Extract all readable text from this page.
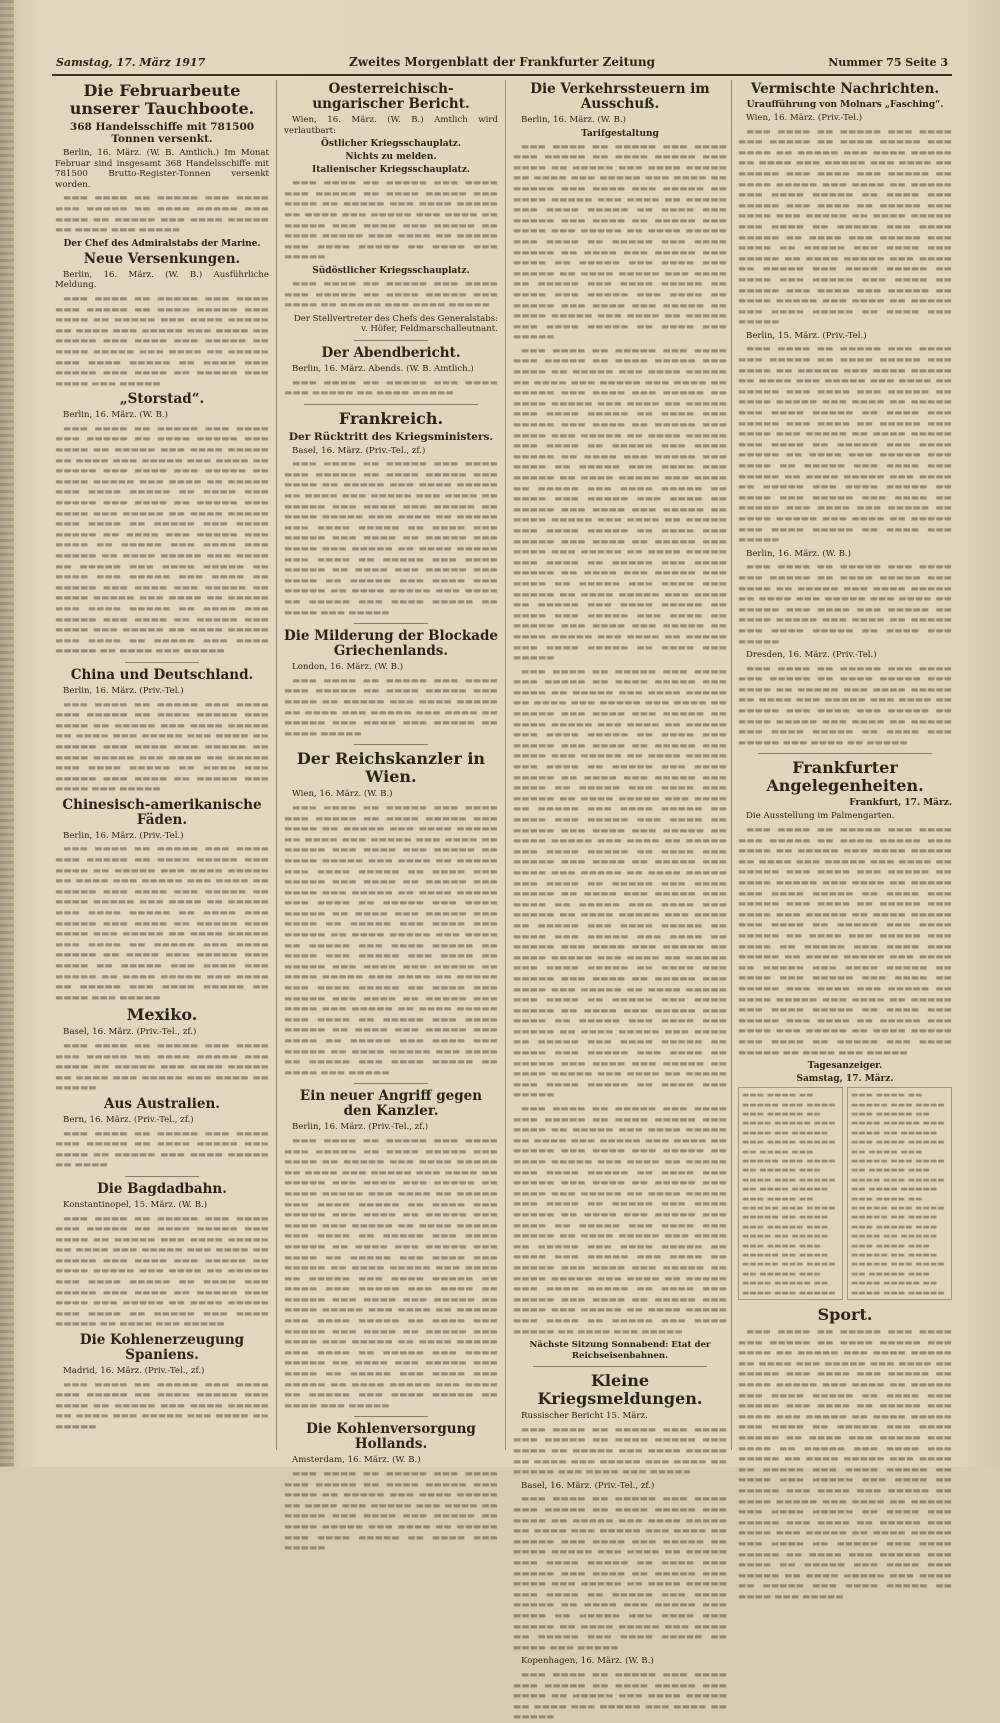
Samstag, 17. März 1917	Zweites Morgenblatt der Frankfurter Zeitung	Nummer 75 Seite 3
Die Februarbeute unserer Tauchboote.
368 Handelsschiffe mit 781500 Tonnen versenkt.

Berlin, 16. März. (W. B. Amtlich.) Im Monat Februar sind insgesamt 368 Handelsschiffe mit 781500 Brutto-Register-Tonnen versenkt worden.

▬▬▬ ▬▬▬▬ ▬▬ ▬▬▬▬▬ ▬▬▬ ▬▬▬▬ ▬▬▬ ▬▬▬▬▬ ▬▬ ▬▬▬▬ ▬▬▬▬▬ ▬▬▬ ▬▬▬▬ ▬▬ ▬▬▬▬▬ ▬▬▬ ▬▬▬▬ ▬▬▬▬▬ ▬▬ ▬▬▬▬ ▬▬▬ ▬▬▬▬▬

Der Chef des Admiralstabs der Marine.
Neue Versenkungen.

Berlin, 16. März. (W. B.) Ausführliche Meldung.

▬▬▬ ▬▬▬▬ ▬▬ ▬▬▬▬▬ ▬▬▬ ▬▬▬▬ ▬▬▬ ▬▬▬▬▬ ▬▬ ▬▬▬▬ ▬▬▬▬▬ ▬▬▬ ▬▬▬▬ ▬▬ ▬▬▬▬▬ ▬▬▬ ▬▬▬▬ ▬▬▬▬▬ ▬▬ ▬▬▬▬ ▬▬▬ ▬▬▬▬▬ ▬▬▬ ▬▬▬▬ ▬▬ ▬▬▬▬▬ ▬▬▬ ▬▬▬▬ ▬▬▬ ▬▬▬▬▬ ▬▬ ▬▬▬▬ ▬▬▬▬▬ ▬▬▬ ▬▬▬▬ ▬▬ ▬▬▬▬▬ ▬▬▬ ▬▬▬▬ ▬▬▬▬▬ ▬▬ ▬▬▬▬ ▬▬▬ ▬▬▬▬▬ ▬▬▬ ▬▬▬▬ ▬▬ ▬▬▬▬▬ ▬▬▬ ▬▬▬▬ ▬▬▬ ▬▬▬▬▬

„Storstad“.

Berlin, 16. März. (W. B.)

▬▬▬ ▬▬▬▬ ▬▬ ▬▬▬▬▬ ▬▬▬ ▬▬▬▬ ▬▬▬ ▬▬▬▬▬ ▬▬ ▬▬▬▬ ▬▬▬▬▬ ▬▬▬ ▬▬▬▬ ▬▬ ▬▬▬▬▬ ▬▬▬ ▬▬▬▬ ▬▬▬▬▬ ▬▬ ▬▬▬▬ ▬▬▬ ▬▬▬▬▬ ▬▬▬ ▬▬▬▬ ▬▬ ▬▬▬▬▬ ▬▬▬ ▬▬▬▬ ▬▬▬ ▬▬▬▬▬ ▬▬ ▬▬▬▬ ▬▬▬▬▬ ▬▬▬ ▬▬▬▬ ▬▬ ▬▬▬▬▬ ▬▬▬ ▬▬▬▬ ▬▬▬▬▬ ▬▬ ▬▬▬▬ ▬▬▬ ▬▬▬▬▬ ▬▬▬ ▬▬▬▬ ▬▬ ▬▬▬▬▬ ▬▬▬ ▬▬▬▬ ▬▬▬ ▬▬▬▬▬ ▬▬ ▬▬▬▬ ▬▬▬▬▬ ▬▬▬ ▬▬▬▬ ▬▬ ▬▬▬▬▬ ▬▬▬ ▬▬▬▬ ▬▬▬▬▬ ▬▬ ▬▬▬▬ ▬▬▬ ▬▬▬▬▬ ▬▬▬ ▬▬▬▬ ▬▬ ▬▬▬▬▬ ▬▬▬ ▬▬▬▬ ▬▬▬ ▬▬▬▬▬ ▬▬ ▬▬▬▬ ▬▬▬▬▬ ▬▬▬ ▬▬▬▬ ▬▬ ▬▬▬▬▬ ▬▬▬ ▬▬▬▬ ▬▬▬▬▬ ▬▬ ▬▬▬▬ ▬▬▬ ▬▬▬▬▬ ▬▬▬ ▬▬▬▬ ▬▬ ▬▬▬▬▬ ▬▬▬ ▬▬▬▬ ▬▬▬ ▬▬▬▬▬ ▬▬ ▬▬▬▬ ▬▬▬▬▬ ▬▬▬ ▬▬▬▬ ▬▬ ▬▬▬▬▬ ▬▬▬ ▬▬▬▬ ▬▬▬▬▬ ▬▬ ▬▬▬▬ ▬▬▬ ▬▬▬▬▬ ▬▬▬ ▬▬▬▬ ▬▬ ▬▬▬▬▬ ▬▬▬ ▬▬▬▬ ▬▬▬ ▬▬▬▬▬ ▬▬ ▬▬▬▬ ▬▬▬▬▬ ▬▬▬ ▬▬▬▬ ▬▬ ▬▬▬▬▬ ▬▬▬ ▬▬▬▬ ▬▬▬▬▬ ▬▬ ▬▬▬▬ ▬▬▬ ▬▬▬▬▬

China und Deutschland.

Berlin, 16. März. (Priv.-Tel.)

▬▬▬ ▬▬▬▬ ▬▬ ▬▬▬▬▬ ▬▬▬ ▬▬▬▬ ▬▬▬ ▬▬▬▬▬ ▬▬ ▬▬▬▬ ▬▬▬▬▬ ▬▬▬ ▬▬▬▬ ▬▬ ▬▬▬▬▬ ▬▬▬ ▬▬▬▬ ▬▬▬▬▬ ▬▬ ▬▬▬▬ ▬▬▬ ▬▬▬▬▬ ▬▬▬ ▬▬▬▬ ▬▬ ▬▬▬▬▬ ▬▬▬ ▬▬▬▬ ▬▬▬ ▬▬▬▬▬ ▬▬ ▬▬▬▬ ▬▬▬▬▬ ▬▬▬ ▬▬▬▬ ▬▬ ▬▬▬▬▬ ▬▬▬ ▬▬▬▬ ▬▬▬▬▬ ▬▬ ▬▬▬▬ ▬▬▬ ▬▬▬▬▬ ▬▬▬ ▬▬▬▬ ▬▬ ▬▬▬▬▬ ▬▬▬ ▬▬▬▬ ▬▬▬ ▬▬▬▬▬

Chinesisch-amerikanische Fäden.

Berlin, 16. März. (Priv.-Tel.)

▬▬▬ ▬▬▬▬ ▬▬ ▬▬▬▬▬ ▬▬▬ ▬▬▬▬ ▬▬▬ ▬▬▬▬▬ ▬▬ ▬▬▬▬ ▬▬▬▬▬ ▬▬▬ ▬▬▬▬ ▬▬ ▬▬▬▬▬ ▬▬▬ ▬▬▬▬ ▬▬▬▬▬ ▬▬ ▬▬▬▬ ▬▬▬ ▬▬▬▬▬ ▬▬▬ ▬▬▬▬ ▬▬ ▬▬▬▬▬ ▬▬▬ ▬▬▬▬ ▬▬▬ ▬▬▬▬▬ ▬▬ ▬▬▬▬ ▬▬▬▬▬ ▬▬▬ ▬▬▬▬ ▬▬ ▬▬▬▬▬ ▬▬▬ ▬▬▬▬ ▬▬▬▬▬ ▬▬ ▬▬▬▬ ▬▬▬ ▬▬▬▬▬ ▬▬▬ ▬▬▬▬ ▬▬ ▬▬▬▬▬ ▬▬▬ ▬▬▬▬ ▬▬▬ ▬▬▬▬▬ ▬▬ ▬▬▬▬ ▬▬▬▬▬ ▬▬▬ ▬▬▬▬ ▬▬ ▬▬▬▬▬ ▬▬▬ ▬▬▬▬ ▬▬▬▬▬ ▬▬ ▬▬▬▬ ▬▬▬ ▬▬▬▬▬ ▬▬▬ ▬▬▬▬ ▬▬ ▬▬▬▬▬ ▬▬▬ ▬▬▬▬ ▬▬▬ ▬▬▬▬▬ ▬▬ ▬▬▬▬ ▬▬▬▬▬ ▬▬▬ ▬▬▬▬ ▬▬ ▬▬▬▬▬ ▬▬▬ ▬▬▬▬ ▬▬▬▬▬ ▬▬ ▬▬▬▬ ▬▬▬ ▬▬▬▬▬

Mexiko.

Basel, 16. März. (Priv.-Tel., zf.)

▬▬▬ ▬▬▬▬ ▬▬ ▬▬▬▬▬ ▬▬▬ ▬▬▬▬ ▬▬▬ ▬▬▬▬▬ ▬▬ ▬▬▬▬ ▬▬▬▬▬ ▬▬▬ ▬▬▬▬ ▬▬ ▬▬▬▬▬ ▬▬▬ ▬▬▬▬ ▬▬▬▬▬ ▬▬ ▬▬▬▬ ▬▬▬ ▬▬▬▬▬ ▬▬▬ ▬▬▬▬ ▬▬ ▬▬▬▬▬

Aus Australien.

Bern, 16. März. (Priv.-Tel., zf.)

▬▬▬ ▬▬▬▬ ▬▬ ▬▬▬▬▬ ▬▬▬ ▬▬▬▬ ▬▬▬ ▬▬▬▬▬ ▬▬ ▬▬▬▬ ▬▬▬▬▬ ▬▬▬ ▬▬▬▬ ▬▬ ▬▬▬▬▬ ▬▬▬ ▬▬▬▬ ▬▬▬▬▬ ▬▬ ▬▬▬▬

Die Bagdadbahn.

Konstantinopel, 15. März. (W. B.)

▬▬▬ ▬▬▬▬ ▬▬ ▬▬▬▬▬ ▬▬▬ ▬▬▬▬ ▬▬▬ ▬▬▬▬▬ ▬▬ ▬▬▬▬ ▬▬▬▬▬ ▬▬▬ ▬▬▬▬ ▬▬ ▬▬▬▬▬ ▬▬▬ ▬▬▬▬ ▬▬▬▬▬ ▬▬ ▬▬▬▬ ▬▬▬ ▬▬▬▬▬ ▬▬▬ ▬▬▬▬ ▬▬ ▬▬▬▬▬ ▬▬▬ ▬▬▬▬ ▬▬▬ ▬▬▬▬▬ ▬▬ ▬▬▬▬ ▬▬▬▬▬ ▬▬▬ ▬▬▬▬ ▬▬ ▬▬▬▬▬ ▬▬▬ ▬▬▬▬ ▬▬▬▬▬ ▬▬ ▬▬▬▬ ▬▬▬ ▬▬▬▬▬ ▬▬▬ ▬▬▬▬ ▬▬ ▬▬▬▬▬ ▬▬▬ ▬▬▬▬ ▬▬▬ ▬▬▬▬▬ ▬▬ ▬▬▬▬ ▬▬▬▬▬ ▬▬▬ ▬▬▬▬ ▬▬ ▬▬▬▬▬ ▬▬▬ ▬▬▬▬ ▬▬▬▬▬ ▬▬ ▬▬▬▬ ▬▬▬ ▬▬▬▬▬

Die Kohlenerzeugung Spaniens.

Madrid, 16. März. (Priv.-Tel., zf.)

▬▬▬ ▬▬▬▬ ▬▬ ▬▬▬▬▬ ▬▬▬ ▬▬▬▬ ▬▬▬ ▬▬▬▬▬ ▬▬ ▬▬▬▬ ▬▬▬▬▬ ▬▬▬ ▬▬▬▬ ▬▬ ▬▬▬▬▬ ▬▬▬ ▬▬▬▬ ▬▬▬▬▬ ▬▬ ▬▬▬▬ ▬▬▬ ▬▬▬▬▬ ▬▬▬ ▬▬▬▬ ▬▬ ▬▬▬▬▬

Oesterreichisch-ungarischer Bericht.

Wien, 16. März. (W. B.) Amtlich wird verlautbart:

Östlicher Kriegsschauplatz.
Nichts zu melden.
Italienischer Kriegsschauplatz.

▬▬▬ ▬▬▬▬ ▬▬ ▬▬▬▬▬ ▬▬▬ ▬▬▬▬ ▬▬▬ ▬▬▬▬▬ ▬▬ ▬▬▬▬ ▬▬▬▬▬ ▬▬▬ ▬▬▬▬ ▬▬ ▬▬▬▬▬ ▬▬▬ ▬▬▬▬ ▬▬▬▬▬ ▬▬ ▬▬▬▬ ▬▬▬ ▬▬▬▬▬ ▬▬▬ ▬▬▬▬ ▬▬ ▬▬▬▬▬ ▬▬▬ ▬▬▬▬ ▬▬▬ ▬▬▬▬▬ ▬▬ ▬▬▬▬ ▬▬▬▬▬ ▬▬▬ ▬▬▬▬ ▬▬ ▬▬▬▬▬ ▬▬▬ ▬▬▬▬ ▬▬▬▬▬ ▬▬ ▬▬▬▬ ▬▬▬ ▬▬▬▬▬

Südöstlicher Kriegsschauplatz.

▬▬▬ ▬▬▬▬ ▬▬ ▬▬▬▬▬ ▬▬▬ ▬▬▬▬ ▬▬▬ ▬▬▬▬▬ ▬▬ ▬▬▬▬ ▬▬▬▬▬ ▬▬▬ ▬▬▬▬ ▬▬ ▬▬▬▬▬ ▬▬▬ ▬▬▬▬ ▬▬▬▬▬

Der Stellvertreter des Chefs des Generalstabs: v. Höfer, Feldmarschalleutnant.

Der Abendbericht.

Berlin, 16. März. Abends. (W. B. Amtlich.)

▬▬▬ ▬▬▬▬ ▬▬ ▬▬▬▬▬ ▬▬▬ ▬▬▬▬ ▬▬▬ ▬▬▬▬▬ ▬▬ ▬▬▬▬ ▬▬▬▬▬

Frankreich.
Der Rücktritt des Kriegsministers.

Basel, 16. März. (Priv.-Tel., zf.)

▬▬▬ ▬▬▬▬ ▬▬ ▬▬▬▬▬ ▬▬▬ ▬▬▬▬ ▬▬▬ ▬▬▬▬▬ ▬▬ ▬▬▬▬ ▬▬▬▬▬ ▬▬▬ ▬▬▬▬ ▬▬ ▬▬▬▬▬ ▬▬▬ ▬▬▬▬ ▬▬▬▬▬ ▬▬ ▬▬▬▬ ▬▬▬ ▬▬▬▬▬ ▬▬▬ ▬▬▬▬ ▬▬ ▬▬▬▬▬ ▬▬▬ ▬▬▬▬ ▬▬▬ ▬▬▬▬▬ ▬▬ ▬▬▬▬ ▬▬▬▬▬ ▬▬▬ ▬▬▬▬ ▬▬ ▬▬▬▬▬ ▬▬▬ ▬▬▬▬ ▬▬▬▬▬ ▬▬ ▬▬▬▬ ▬▬▬ ▬▬▬▬▬ ▬▬▬ ▬▬▬▬ ▬▬ ▬▬▬▬▬ ▬▬▬ ▬▬▬▬ ▬▬▬ ▬▬▬▬▬ ▬▬ ▬▬▬▬ ▬▬▬▬▬ ▬▬▬ ▬▬▬▬ ▬▬ ▬▬▬▬▬ ▬▬▬ ▬▬▬▬ ▬▬▬▬▬ ▬▬ ▬▬▬▬ ▬▬▬ ▬▬▬▬▬ ▬▬▬ ▬▬▬▬ ▬▬ ▬▬▬▬▬ ▬▬▬ ▬▬▬▬ ▬▬▬ ▬▬▬▬▬ ▬▬ ▬▬▬▬ ▬▬▬▬▬ ▬▬▬ ▬▬▬▬ ▬▬ ▬▬▬▬▬ ▬▬▬ ▬▬▬▬ ▬▬▬▬▬ ▬▬ ▬▬▬▬ ▬▬▬ ▬▬▬▬▬

Die Milderung der Blockade Griechenlands.

London, 16. März. (W. B.)

▬▬▬ ▬▬▬▬ ▬▬ ▬▬▬▬▬ ▬▬▬ ▬▬▬▬ ▬▬▬ ▬▬▬▬▬ ▬▬ ▬▬▬▬ ▬▬▬▬▬ ▬▬▬ ▬▬▬▬ ▬▬ ▬▬▬▬▬ ▬▬▬ ▬▬▬▬ ▬▬▬▬▬ ▬▬ ▬▬▬▬ ▬▬▬ ▬▬▬▬▬ ▬▬▬ ▬▬▬▬ ▬▬ ▬▬▬▬▬ ▬▬▬ ▬▬▬▬ ▬▬▬ ▬▬▬▬▬ ▬▬ ▬▬▬▬ ▬▬▬▬▬

Der Reichskanzler in Wien.

Wien, 16. März. (W. B.)

▬▬▬ ▬▬▬▬ ▬▬ ▬▬▬▬▬ ▬▬▬ ▬▬▬▬ ▬▬▬ ▬▬▬▬▬ ▬▬ ▬▬▬▬ ▬▬▬▬▬ ▬▬▬ ▬▬▬▬ ▬▬ ▬▬▬▬▬ ▬▬▬ ▬▬▬▬ ▬▬▬▬▬ ▬▬ ▬▬▬▬ ▬▬▬ ▬▬▬▬▬ ▬▬▬ ▬▬▬▬ ▬▬ ▬▬▬▬▬ ▬▬▬ ▬▬▬▬ ▬▬▬ ▬▬▬▬▬ ▬▬ ▬▬▬▬ ▬▬▬▬▬ ▬▬▬ ▬▬▬▬ ▬▬ ▬▬▬▬▬ ▬▬▬ ▬▬▬▬ ▬▬▬▬▬ ▬▬ ▬▬▬▬ ▬▬▬ ▬▬▬▬▬ ▬▬▬ ▬▬▬▬ ▬▬ ▬▬▬▬▬ ▬▬▬ ▬▬▬▬ ▬▬▬ ▬▬▬▬▬ ▬▬ ▬▬▬▬ ▬▬▬▬▬ ▬▬▬ ▬▬▬▬ ▬▬ ▬▬▬▬▬ ▬▬▬ ▬▬▬▬ ▬▬▬▬▬ ▬▬ ▬▬▬▬ ▬▬▬ ▬▬▬▬▬ ▬▬▬ ▬▬▬▬ ▬▬ ▬▬▬▬▬ ▬▬▬ ▬▬▬▬ ▬▬▬ ▬▬▬▬▬ ▬▬ ▬▬▬▬ ▬▬▬▬▬ ▬▬▬ ▬▬▬▬ ▬▬ ▬▬▬▬▬ ▬▬▬ ▬▬▬▬ ▬▬▬▬▬ ▬▬ ▬▬▬▬ ▬▬▬ ▬▬▬▬▬ ▬▬▬ ▬▬▬▬ ▬▬ ▬▬▬▬▬ ▬▬▬ ▬▬▬▬ ▬▬▬ ▬▬▬▬▬ ▬▬ ▬▬▬▬ ▬▬▬▬▬ ▬▬▬ ▬▬▬▬ ▬▬ ▬▬▬▬▬ ▬▬▬ ▬▬▬▬ ▬▬▬▬▬ ▬▬ ▬▬▬▬ ▬▬▬ ▬▬▬▬▬ ▬▬▬ ▬▬▬▬ ▬▬ ▬▬▬▬▬ ▬▬▬ ▬▬▬▬ ▬▬▬ ▬▬▬▬▬ ▬▬ ▬▬▬▬ ▬▬▬▬▬ ▬▬▬ ▬▬▬▬ ▬▬ ▬▬▬▬▬ ▬▬▬ ▬▬▬▬ ▬▬▬▬▬ ▬▬ ▬▬▬▬ ▬▬▬ ▬▬▬▬▬ ▬▬▬ ▬▬▬▬ ▬▬ ▬▬▬▬▬ ▬▬▬ ▬▬▬▬ ▬▬▬ ▬▬▬▬▬ ▬▬ ▬▬▬▬ ▬▬▬▬▬ ▬▬▬ ▬▬▬▬ ▬▬ ▬▬▬▬▬ ▬▬▬ ▬▬▬▬ ▬▬▬▬▬ ▬▬ ▬▬▬▬ ▬▬▬ ▬▬▬▬▬

Ein neuer Angriff gegen den Kanzler.

Berlin, 16. März. (Priv.-Tel., zf.)

▬▬▬ ▬▬▬▬ ▬▬ ▬▬▬▬▬ ▬▬▬ ▬▬▬▬ ▬▬▬ ▬▬▬▬▬ ▬▬ ▬▬▬▬ ▬▬▬▬▬ ▬▬▬ ▬▬▬▬ ▬▬ ▬▬▬▬▬ ▬▬▬ ▬▬▬▬ ▬▬▬▬▬ ▬▬ ▬▬▬▬ ▬▬▬ ▬▬▬▬▬ ▬▬▬ ▬▬▬▬ ▬▬ ▬▬▬▬▬ ▬▬▬ ▬▬▬▬ ▬▬▬ ▬▬▬▬▬ ▬▬ ▬▬▬▬ ▬▬▬▬▬ ▬▬▬ ▬▬▬▬ ▬▬ ▬▬▬▬▬ ▬▬▬ ▬▬▬▬ ▬▬▬▬▬ ▬▬ ▬▬▬▬ ▬▬▬ ▬▬▬▬▬ ▬▬▬ ▬▬▬▬ ▬▬ ▬▬▬▬▬ ▬▬▬ ▬▬▬▬ ▬▬▬ ▬▬▬▬▬ ▬▬ ▬▬▬▬ ▬▬▬▬▬ ▬▬▬ ▬▬▬▬ ▬▬ ▬▬▬▬▬ ▬▬▬ ▬▬▬▬ ▬▬▬▬▬ ▬▬ ▬▬▬▬ ▬▬▬ ▬▬▬▬▬ ▬▬▬ ▬▬▬▬ ▬▬ ▬▬▬▬▬ ▬▬▬ ▬▬▬▬ ▬▬▬ ▬▬▬▬▬ ▬▬ ▬▬▬▬ ▬▬▬▬▬ ▬▬▬ ▬▬▬▬ ▬▬ ▬▬▬▬▬ ▬▬▬ ▬▬▬▬ ▬▬▬▬▬ ▬▬ ▬▬▬▬ ▬▬▬ ▬▬▬▬▬ ▬▬▬ ▬▬▬▬ ▬▬ ▬▬▬▬▬ ▬▬▬ ▬▬▬▬ ▬▬▬ ▬▬▬▬▬ ▬▬ ▬▬▬▬ ▬▬▬▬▬ ▬▬▬ ▬▬▬▬ ▬▬ ▬▬▬▬▬ ▬▬▬ ▬▬▬▬ ▬▬▬▬▬ ▬▬ ▬▬▬▬ ▬▬▬ ▬▬▬▬▬ ▬▬▬ ▬▬▬▬ ▬▬ ▬▬▬▬▬ ▬▬▬ ▬▬▬▬ ▬▬▬ ▬▬▬▬▬ ▬▬ ▬▬▬▬ ▬▬▬▬▬ ▬▬▬ ▬▬▬▬ ▬▬ ▬▬▬▬▬ ▬▬▬ ▬▬▬▬ ▬▬▬▬▬ ▬▬ ▬▬▬▬ ▬▬▬ ▬▬▬▬▬ ▬▬▬ ▬▬▬▬ ▬▬ ▬▬▬▬▬ ▬▬▬ ▬▬▬▬ ▬▬▬ ▬▬▬▬▬ ▬▬ ▬▬▬▬ ▬▬▬▬▬ ▬▬▬ ▬▬▬▬ ▬▬ ▬▬▬▬▬ ▬▬▬ ▬▬▬▬ ▬▬▬▬▬ ▬▬ ▬▬▬▬ ▬▬▬ ▬▬▬▬▬

Die Kohlenversorgung Hollands.

Amsterdam, 16. März. (W. B.)

▬▬▬ ▬▬▬▬ ▬▬ ▬▬▬▬▬ ▬▬▬ ▬▬▬▬ ▬▬▬ ▬▬▬▬▬ ▬▬ ▬▬▬▬ ▬▬▬▬▬ ▬▬▬ ▬▬▬▬ ▬▬ ▬▬▬▬▬ ▬▬▬ ▬▬▬▬ ▬▬▬▬▬ ▬▬ ▬▬▬▬ ▬▬▬ ▬▬▬▬▬ ▬▬▬ ▬▬▬▬ ▬▬ ▬▬▬▬▬ ▬▬▬ ▬▬▬▬ ▬▬▬ ▬▬▬▬▬ ▬▬ ▬▬▬▬ ▬▬▬▬▬ ▬▬▬ ▬▬▬▬ ▬▬ ▬▬▬▬▬ ▬▬▬ ▬▬▬▬ ▬▬▬▬▬ ▬▬ ▬▬▬▬ ▬▬▬ ▬▬▬▬▬

Die Verkehrssteuern im Ausschuß.

Berlin, 16. März. (W. B.)

Tarifgestaltung

▬▬▬ ▬▬▬▬ ▬▬ ▬▬▬▬▬ ▬▬▬ ▬▬▬▬ ▬▬▬ ▬▬▬▬▬ ▬▬ ▬▬▬▬ ▬▬▬▬▬ ▬▬▬ ▬▬▬▬ ▬▬ ▬▬▬▬▬ ▬▬▬ ▬▬▬▬ ▬▬▬▬▬ ▬▬ ▬▬▬▬ ▬▬▬ ▬▬▬▬▬ ▬▬▬ ▬▬▬▬ ▬▬ ▬▬▬▬▬ ▬▬▬ ▬▬▬▬ ▬▬▬ ▬▬▬▬▬ ▬▬ ▬▬▬▬ ▬▬▬▬▬ ▬▬▬ ▬▬▬▬ ▬▬ ▬▬▬▬▬ ▬▬▬ ▬▬▬▬ ▬▬▬▬▬ ▬▬ ▬▬▬▬ ▬▬▬ ▬▬▬▬▬ ▬▬▬ ▬▬▬▬ ▬▬ ▬▬▬▬▬ ▬▬▬ ▬▬▬▬ ▬▬▬ ▬▬▬▬▬ ▬▬ ▬▬▬▬ ▬▬▬▬▬ ▬▬▬ ▬▬▬▬ ▬▬ ▬▬▬▬▬ ▬▬▬ ▬▬▬▬ ▬▬▬▬▬ ▬▬ ▬▬▬▬ ▬▬▬ ▬▬▬▬▬ ▬▬▬ ▬▬▬▬ ▬▬ ▬▬▬▬▬ ▬▬▬ ▬▬▬▬ ▬▬▬ ▬▬▬▬▬ ▬▬ ▬▬▬▬ ▬▬▬▬▬ ▬▬▬ ▬▬▬▬ ▬▬ ▬▬▬▬▬ ▬▬▬ ▬▬▬▬ ▬▬▬▬▬ ▬▬ ▬▬▬▬ ▬▬▬ ▬▬▬▬▬ ▬▬▬ ▬▬▬▬ ▬▬ ▬▬▬▬▬ ▬▬▬ ▬▬▬▬ ▬▬▬ ▬▬▬▬▬ ▬▬ ▬▬▬▬ ▬▬▬▬▬ ▬▬▬ ▬▬▬▬ ▬▬ ▬▬▬▬▬ ▬▬▬ ▬▬▬▬ ▬▬▬▬▬ ▬▬ ▬▬▬▬ ▬▬▬ ▬▬▬▬▬

▬▬▬ ▬▬▬▬ ▬▬ ▬▬▬▬▬ ▬▬▬ ▬▬▬▬ ▬▬▬ ▬▬▬▬▬ ▬▬ ▬▬▬▬ ▬▬▬▬▬ ▬▬▬ ▬▬▬▬ ▬▬ ▬▬▬▬▬ ▬▬▬ ▬▬▬▬ ▬▬▬▬▬ ▬▬ ▬▬▬▬ ▬▬▬ ▬▬▬▬▬ ▬▬▬ ▬▬▬▬ ▬▬ ▬▬▬▬▬ ▬▬▬ ▬▬▬▬ ▬▬▬ ▬▬▬▬▬ ▬▬ ▬▬▬▬ ▬▬▬▬▬ ▬▬▬ ▬▬▬▬ ▬▬ ▬▬▬▬▬ ▬▬▬ ▬▬▬▬ ▬▬▬▬▬ ▬▬ ▬▬▬▬ ▬▬▬ ▬▬▬▬▬ ▬▬▬ ▬▬▬▬ ▬▬ ▬▬▬▬▬ ▬▬▬ ▬▬▬▬ ▬▬▬ ▬▬▬▬▬ ▬▬ ▬▬▬▬ ▬▬▬▬▬ ▬▬▬ ▬▬▬▬ ▬▬ ▬▬▬▬▬ ▬▬▬ ▬▬▬▬ ▬▬▬▬▬ ▬▬ ▬▬▬▬ ▬▬▬ ▬▬▬▬▬ ▬▬▬ ▬▬▬▬ ▬▬ ▬▬▬▬▬ ▬▬▬ ▬▬▬▬ ▬▬▬ ▬▬▬▬▬ ▬▬ ▬▬▬▬ ▬▬▬▬▬ ▬▬▬ ▬▬▬▬ ▬▬ ▬▬▬▬▬ ▬▬▬ ▬▬▬▬ ▬▬▬▬▬ ▬▬ ▬▬▬▬ ▬▬▬ ▬▬▬▬▬ ▬▬▬ ▬▬▬▬ ▬▬ ▬▬▬▬▬ ▬▬▬ ▬▬▬▬ ▬▬▬ ▬▬▬▬▬ ▬▬ ▬▬▬▬ ▬▬▬▬▬ ▬▬▬ ▬▬▬▬ ▬▬ ▬▬▬▬▬ ▬▬▬ ▬▬▬▬ ▬▬▬▬▬ ▬▬ ▬▬▬▬ ▬▬▬ ▬▬▬▬▬ ▬▬▬ ▬▬▬▬ ▬▬ ▬▬▬▬▬ ▬▬▬ ▬▬▬▬ ▬▬▬ ▬▬▬▬▬ ▬▬ ▬▬▬▬ ▬▬▬▬▬ ▬▬▬ ▬▬▬▬ ▬▬ ▬▬▬▬▬ ▬▬▬ ▬▬▬▬ ▬▬▬▬▬ ▬▬ ▬▬▬▬ ▬▬▬ ▬▬▬▬▬ ▬▬▬ ▬▬▬▬ ▬▬ ▬▬▬▬▬ ▬▬▬ ▬▬▬▬ ▬▬▬ ▬▬▬▬▬ ▬▬ ▬▬▬▬ ▬▬▬▬▬ ▬▬▬ ▬▬▬▬ ▬▬ ▬▬▬▬▬ ▬▬▬ ▬▬▬▬ ▬▬▬▬▬ ▬▬ ▬▬▬▬ ▬▬▬ ▬▬▬▬▬ ▬▬▬ ▬▬▬▬ ▬▬ ▬▬▬▬▬ ▬▬▬ ▬▬▬▬ ▬▬▬ ▬▬▬▬▬ ▬▬ ▬▬▬▬ ▬▬▬▬▬ ▬▬▬ ▬▬▬▬ ▬▬ ▬▬▬▬▬ ▬▬▬ ▬▬▬▬ ▬▬▬▬▬ ▬▬ ▬▬▬▬ ▬▬▬ ▬▬▬▬▬

▬▬▬ ▬▬▬▬ ▬▬ ▬▬▬▬▬ ▬▬▬ ▬▬▬▬ ▬▬▬ ▬▬▬▬▬ ▬▬ ▬▬▬▬ ▬▬▬▬▬ ▬▬▬ ▬▬▬▬ ▬▬ ▬▬▬▬▬ ▬▬▬ ▬▬▬▬ ▬▬▬▬▬ ▬▬ ▬▬▬▬ ▬▬▬ ▬▬▬▬▬ ▬▬▬ ▬▬▬▬ ▬▬ ▬▬▬▬▬ ▬▬▬ ▬▬▬▬ ▬▬▬ ▬▬▬▬▬ ▬▬ ▬▬▬▬ ▬▬▬▬▬ ▬▬▬ ▬▬▬▬ ▬▬ ▬▬▬▬▬ ▬▬▬ ▬▬▬▬ ▬▬▬▬▬ ▬▬ ▬▬▬▬ ▬▬▬ ▬▬▬▬▬ ▬▬▬ ▬▬▬▬ ▬▬ ▬▬▬▬▬ ▬▬▬ ▬▬▬▬ ▬▬▬ ▬▬▬▬▬ ▬▬ ▬▬▬▬ ▬▬▬▬▬ ▬▬▬ ▬▬▬▬ ▬▬ ▬▬▬▬▬ ▬▬▬ ▬▬▬▬ ▬▬▬▬▬ ▬▬ ▬▬▬▬ ▬▬▬ ▬▬▬▬▬ ▬▬▬ ▬▬▬▬ ▬▬ ▬▬▬▬▬ ▬▬▬ ▬▬▬▬ ▬▬▬ ▬▬▬▬▬ ▬▬ ▬▬▬▬ ▬▬▬▬▬ ▬▬▬ ▬▬▬▬ ▬▬ ▬▬▬▬▬ ▬▬▬ ▬▬▬▬ ▬▬▬▬▬ ▬▬ ▬▬▬▬ ▬▬▬ ▬▬▬▬▬ ▬▬▬ ▬▬▬▬ ▬▬ ▬▬▬▬▬ ▬▬▬ ▬▬▬▬ ▬▬▬ ▬▬▬▬▬ ▬▬ ▬▬▬▬ ▬▬▬▬▬ ▬▬▬ ▬▬▬▬ ▬▬ ▬▬▬▬▬ ▬▬▬ ▬▬▬▬ ▬▬▬▬▬ ▬▬ ▬▬▬▬ ▬▬▬ ▬▬▬▬▬ ▬▬▬ ▬▬▬▬ ▬▬ ▬▬▬▬▬ ▬▬▬ ▬▬▬▬ ▬▬▬ ▬▬▬▬▬ ▬▬ ▬▬▬▬ ▬▬▬▬▬ ▬▬▬ ▬▬▬▬ ▬▬ ▬▬▬▬▬ ▬▬▬ ▬▬▬▬ ▬▬▬▬▬ ▬▬ ▬▬▬▬ ▬▬▬ ▬▬▬▬▬ ▬▬▬ ▬▬▬▬ ▬▬ ▬▬▬▬▬ ▬▬▬ ▬▬▬▬ ▬▬▬ ▬▬▬▬▬ ▬▬ ▬▬▬▬ ▬▬▬▬▬ ▬▬▬ ▬▬▬▬ ▬▬ ▬▬▬▬▬ ▬▬▬ ▬▬▬▬ ▬▬▬▬▬ ▬▬ ▬▬▬▬ ▬▬▬ ▬▬▬▬▬ ▬▬▬ ▬▬▬▬ ▬▬ ▬▬▬▬▬ ▬▬▬ ▬▬▬▬ ▬▬▬ ▬▬▬▬▬ ▬▬ ▬▬▬▬ ▬▬▬▬▬ ▬▬▬ ▬▬▬▬ ▬▬ ▬▬▬▬▬ ▬▬▬ ▬▬▬▬ ▬▬▬▬▬ ▬▬ ▬▬▬▬ ▬▬▬ ▬▬▬▬▬ ▬▬▬ ▬▬▬▬ ▬▬ ▬▬▬▬▬ ▬▬▬ ▬▬▬▬ ▬▬▬ ▬▬▬▬▬ ▬▬ ▬▬▬▬ ▬▬▬▬▬ ▬▬▬ ▬▬▬▬ ▬▬ ▬▬▬▬▬ ▬▬▬ ▬▬▬▬ ▬▬▬▬▬ ▬▬ ▬▬▬▬ ▬▬▬ ▬▬▬▬▬ ▬▬▬ ▬▬▬▬ ▬▬ ▬▬▬▬▬ ▬▬▬ ▬▬▬▬ ▬▬▬ ▬▬▬▬▬ ▬▬ ▬▬▬▬ ▬▬▬▬▬ ▬▬▬ ▬▬▬▬ ▬▬ ▬▬▬▬▬ ▬▬▬ ▬▬▬▬ ▬▬▬▬▬ ▬▬ ▬▬▬▬ ▬▬▬ ▬▬▬▬▬ ▬▬▬ ▬▬▬▬ ▬▬ ▬▬▬▬▬ ▬▬▬ ▬▬▬▬ ▬▬▬ ▬▬▬▬▬ ▬▬ ▬▬▬▬ ▬▬▬▬▬ ▬▬▬ ▬▬▬▬ ▬▬ ▬▬▬▬▬ ▬▬▬ ▬▬▬▬ ▬▬▬▬▬ ▬▬ ▬▬▬▬ ▬▬▬ ▬▬▬▬▬

▬▬▬ ▬▬▬▬ ▬▬ ▬▬▬▬▬ ▬▬▬ ▬▬▬▬ ▬▬▬ ▬▬▬▬▬ ▬▬ ▬▬▬▬ ▬▬▬▬▬ ▬▬▬ ▬▬▬▬ ▬▬ ▬▬▬▬▬ ▬▬▬ ▬▬▬▬ ▬▬▬▬▬ ▬▬ ▬▬▬▬ ▬▬▬ ▬▬▬▬▬ ▬▬▬ ▬▬▬▬ ▬▬ ▬▬▬▬▬ ▬▬▬ ▬▬▬▬ ▬▬▬ ▬▬▬▬▬ ▬▬ ▬▬▬▬ ▬▬▬▬▬ ▬▬▬ ▬▬▬▬ ▬▬ ▬▬▬▬▬ ▬▬▬ ▬▬▬▬ ▬▬▬▬▬ ▬▬ ▬▬▬▬ ▬▬▬ ▬▬▬▬▬ ▬▬▬ ▬▬▬▬ ▬▬ ▬▬▬▬▬ ▬▬▬ ▬▬▬▬ ▬▬▬ ▬▬▬▬▬ ▬▬ ▬▬▬▬ ▬▬▬▬▬ ▬▬▬ ▬▬▬▬ ▬▬ ▬▬▬▬▬ ▬▬▬ ▬▬▬▬ ▬▬▬▬▬ ▬▬ ▬▬▬▬ ▬▬▬ ▬▬▬▬▬ ▬▬▬ ▬▬▬▬ ▬▬ ▬▬▬▬▬ ▬▬▬ ▬▬▬▬ ▬▬▬ ▬▬▬▬▬ ▬▬ ▬▬▬▬ ▬▬▬▬▬ ▬▬▬ ▬▬▬▬ ▬▬ ▬▬▬▬▬ ▬▬▬ ▬▬▬▬ ▬▬▬▬▬ ▬▬ ▬▬▬▬ ▬▬▬ ▬▬▬▬▬ ▬▬▬ ▬▬▬▬ ▬▬ ▬▬▬▬▬ ▬▬▬ ▬▬▬▬ ▬▬▬ ▬▬▬▬▬ ▬▬ ▬▬▬▬ ▬▬▬▬▬ ▬▬▬ ▬▬▬▬ ▬▬ ▬▬▬▬▬ ▬▬▬ ▬▬▬▬ ▬▬▬▬▬ ▬▬ ▬▬▬▬ ▬▬▬ ▬▬▬▬▬ ▬▬▬ ▬▬▬▬ ▬▬ ▬▬▬▬▬ ▬▬▬ ▬▬▬▬ ▬▬▬ ▬▬▬▬▬ ▬▬ ▬▬▬▬ ▬▬▬▬▬ ▬▬▬ ▬▬▬▬ ▬▬ ▬▬▬▬▬ ▬▬▬ ▬▬▬▬ ▬▬▬▬▬ ▬▬ ▬▬▬▬ ▬▬▬ ▬▬▬▬▬

Nächste Sitzung Sonnabend: Etat der Reichseisenbahnen.

Kleine Kriegsmeldungen.

Russischer Bericht 15. März.

▬▬▬ ▬▬▬▬ ▬▬ ▬▬▬▬▬ ▬▬▬ ▬▬▬▬ ▬▬▬ ▬▬▬▬▬ ▬▬ ▬▬▬▬ ▬▬▬▬▬ ▬▬▬ ▬▬▬▬ ▬▬ ▬▬▬▬▬ ▬▬▬ ▬▬▬▬ ▬▬▬▬▬ ▬▬ ▬▬▬▬ ▬▬▬ ▬▬▬▬▬ ▬▬▬ ▬▬▬▬ ▬▬ ▬▬▬▬▬ ▬▬▬ ▬▬▬▬ ▬▬▬ ▬▬▬▬▬

Basel, 16. März. (Priv.-Tel., zf.)

▬▬▬ ▬▬▬▬ ▬▬ ▬▬▬▬▬ ▬▬▬ ▬▬▬▬ ▬▬▬ ▬▬▬▬▬ ▬▬ ▬▬▬▬ ▬▬▬▬▬ ▬▬▬ ▬▬▬▬ ▬▬ ▬▬▬▬▬ ▬▬▬ ▬▬▬▬ ▬▬▬▬▬ ▬▬ ▬▬▬▬ ▬▬▬ ▬▬▬▬▬ ▬▬▬ ▬▬▬▬ ▬▬ ▬▬▬▬▬ ▬▬▬ ▬▬▬▬ ▬▬▬ ▬▬▬▬▬ ▬▬ ▬▬▬▬ ▬▬▬▬▬ ▬▬▬ ▬▬▬▬ ▬▬ ▬▬▬▬▬ ▬▬▬ ▬▬▬▬ ▬▬▬▬▬ ▬▬ ▬▬▬▬ ▬▬▬ ▬▬▬▬▬ ▬▬▬ ▬▬▬▬ ▬▬ ▬▬▬▬▬ ▬▬▬ ▬▬▬▬ ▬▬▬ ▬▬▬▬▬ ▬▬ ▬▬▬▬ ▬▬▬▬▬ ▬▬▬ ▬▬▬▬ ▬▬ ▬▬▬▬▬ ▬▬▬ ▬▬▬▬ ▬▬▬▬▬ ▬▬ ▬▬▬▬ ▬▬▬ ▬▬▬▬▬ ▬▬▬ ▬▬▬▬ ▬▬ ▬▬▬▬▬ ▬▬▬ ▬▬▬▬ ▬▬▬ ▬▬▬▬▬ ▬▬ ▬▬▬▬ ▬▬▬▬▬ ▬▬▬ ▬▬▬▬ ▬▬ ▬▬▬▬▬ ▬▬▬ ▬▬▬▬ ▬▬▬▬▬ ▬▬ ▬▬▬▬ ▬▬▬ ▬▬▬▬▬

Kopenhagen, 16. März. (W. B.)

▬▬▬ ▬▬▬▬ ▬▬ ▬▬▬▬▬ ▬▬▬ ▬▬▬▬ ▬▬▬ ▬▬▬▬▬ ▬▬ ▬▬▬▬ ▬▬▬▬▬ ▬▬▬ ▬▬▬▬ ▬▬ ▬▬▬▬▬ ▬▬▬ ▬▬▬▬ ▬▬▬▬▬ ▬▬ ▬▬▬▬ ▬▬▬ ▬▬▬▬▬ ▬▬▬ ▬▬▬▬ ▬▬ ▬▬▬▬▬

Vermischte Nachrichten.
Uraufführung von Molnars „Fasching“.

Wien, 16. März. (Priv.-Tel.)

▬▬▬ ▬▬▬▬ ▬▬ ▬▬▬▬▬ ▬▬▬ ▬▬▬▬ ▬▬▬ ▬▬▬▬▬ ▬▬ ▬▬▬▬ ▬▬▬▬▬ ▬▬▬ ▬▬▬▬ ▬▬ ▬▬▬▬▬ ▬▬▬ ▬▬▬▬ ▬▬▬▬▬ ▬▬ ▬▬▬▬ ▬▬▬ ▬▬▬▬▬ ▬▬▬ ▬▬▬▬ ▬▬ ▬▬▬▬▬ ▬▬▬ ▬▬▬▬ ▬▬▬ ▬▬▬▬▬ ▬▬ ▬▬▬▬ ▬▬▬▬▬ ▬▬▬ ▬▬▬▬ ▬▬ ▬▬▬▬▬ ▬▬▬ ▬▬▬▬ ▬▬▬▬▬ ▬▬ ▬▬▬▬ ▬▬▬ ▬▬▬▬▬ ▬▬▬ ▬▬▬▬ ▬▬ ▬▬▬▬▬ ▬▬▬ ▬▬▬▬ ▬▬▬ ▬▬▬▬▬ ▬▬ ▬▬▬▬ ▬▬▬▬▬ ▬▬▬ ▬▬▬▬ ▬▬ ▬▬▬▬▬ ▬▬▬ ▬▬▬▬ ▬▬▬▬▬ ▬▬ ▬▬▬▬ ▬▬▬ ▬▬▬▬▬ ▬▬▬ ▬▬▬▬ ▬▬ ▬▬▬▬▬ ▬▬▬ ▬▬▬▬ ▬▬▬ ▬▬▬▬▬ ▬▬ ▬▬▬▬ ▬▬▬▬▬ ▬▬▬ ▬▬▬▬ ▬▬ ▬▬▬▬▬ ▬▬▬ ▬▬▬▬ ▬▬▬▬▬ ▬▬ ▬▬▬▬ ▬▬▬ ▬▬▬▬▬ ▬▬▬ ▬▬▬▬ ▬▬ ▬▬▬▬▬ ▬▬▬ ▬▬▬▬ ▬▬▬ ▬▬▬▬▬ ▬▬ ▬▬▬▬ ▬▬▬▬▬ ▬▬▬ ▬▬▬▬ ▬▬ ▬▬▬▬▬ ▬▬▬ ▬▬▬▬ ▬▬▬▬▬ ▬▬ ▬▬▬▬ ▬▬▬ ▬▬▬▬▬

Berlin, 15. März. (Priv.-Tel.)

▬▬▬ ▬▬▬▬ ▬▬ ▬▬▬▬▬ ▬▬▬ ▬▬▬▬ ▬▬▬ ▬▬▬▬▬ ▬▬ ▬▬▬▬ ▬▬▬▬▬ ▬▬▬ ▬▬▬▬ ▬▬ ▬▬▬▬▬ ▬▬▬ ▬▬▬▬ ▬▬▬▬▬ ▬▬ ▬▬▬▬ ▬▬▬ ▬▬▬▬▬ ▬▬▬ ▬▬▬▬ ▬▬ ▬▬▬▬▬ ▬▬▬ ▬▬▬▬ ▬▬▬ ▬▬▬▬▬ ▬▬ ▬▬▬▬ ▬▬▬▬▬ ▬▬▬ ▬▬▬▬ ▬▬ ▬▬▬▬▬ ▬▬▬ ▬▬▬▬ ▬▬▬▬▬ ▬▬ ▬▬▬▬ ▬▬▬ ▬▬▬▬▬ ▬▬▬ ▬▬▬▬ ▬▬ ▬▬▬▬▬ ▬▬▬ ▬▬▬▬ ▬▬▬ ▬▬▬▬▬ ▬▬ ▬▬▬▬ ▬▬▬▬▬ ▬▬▬ ▬▬▬▬ ▬▬ ▬▬▬▬▬ ▬▬▬ ▬▬▬▬ ▬▬▬▬▬ ▬▬ ▬▬▬▬ ▬▬▬ ▬▬▬▬▬ ▬▬▬ ▬▬▬▬ ▬▬ ▬▬▬▬▬ ▬▬▬ ▬▬▬▬ ▬▬▬ ▬▬▬▬▬ ▬▬ ▬▬▬▬ ▬▬▬▬▬ ▬▬▬ ▬▬▬▬ ▬▬ ▬▬▬▬▬ ▬▬▬ ▬▬▬▬ ▬▬▬▬▬ ▬▬ ▬▬▬▬ ▬▬▬ ▬▬▬▬▬ ▬▬▬ ▬▬▬▬ ▬▬ ▬▬▬▬▬ ▬▬▬ ▬▬▬▬ ▬▬▬ ▬▬▬▬▬ ▬▬ ▬▬▬▬ ▬▬▬▬▬ ▬▬▬ ▬▬▬▬ ▬▬ ▬▬▬▬▬ ▬▬▬ ▬▬▬▬ ▬▬▬▬▬ ▬▬ ▬▬▬▬ ▬▬▬ ▬▬▬▬▬

Berlin, 16. März. (W. B.)

▬▬▬ ▬▬▬▬ ▬▬ ▬▬▬▬▬ ▬▬▬ ▬▬▬▬ ▬▬▬ ▬▬▬▬▬ ▬▬ ▬▬▬▬ ▬▬▬▬▬ ▬▬▬ ▬▬▬▬ ▬▬ ▬▬▬▬▬ ▬▬▬ ▬▬▬▬ ▬▬▬▬▬ ▬▬ ▬▬▬▬ ▬▬▬ ▬▬▬▬▬ ▬▬▬ ▬▬▬▬ ▬▬ ▬▬▬▬▬ ▬▬▬ ▬▬▬▬ ▬▬▬ ▬▬▬▬▬ ▬▬ ▬▬▬▬ ▬▬▬▬▬ ▬▬▬ ▬▬▬▬ ▬▬ ▬▬▬▬▬ ▬▬▬ ▬▬▬▬ ▬▬▬▬▬ ▬▬ ▬▬▬▬ ▬▬▬ ▬▬▬▬▬

Dresden, 16. März. (Priv.-Tel.)

▬▬▬ ▬▬▬▬ ▬▬ ▬▬▬▬▬ ▬▬▬ ▬▬▬▬ ▬▬▬ ▬▬▬▬▬ ▬▬ ▬▬▬▬ ▬▬▬▬▬ ▬▬▬ ▬▬▬▬ ▬▬ ▬▬▬▬▬ ▬▬▬ ▬▬▬▬ ▬▬▬▬▬ ▬▬ ▬▬▬▬ ▬▬▬ ▬▬▬▬▬ ▬▬▬ ▬▬▬▬ ▬▬ ▬▬▬▬▬ ▬▬▬ ▬▬▬▬ ▬▬▬ ▬▬▬▬▬ ▬▬ ▬▬▬▬ ▬▬▬▬▬ ▬▬▬ ▬▬▬▬ ▬▬ ▬▬▬▬▬ ▬▬▬ ▬▬▬▬ ▬▬▬▬▬ ▬▬ ▬▬▬▬ ▬▬▬ ▬▬▬▬▬ ▬▬▬ ▬▬▬▬ ▬▬ ▬▬▬▬▬

Frankfurter Angelegenheiten.
Frankfurt, 17. März.

Die Ausstellung im Palmengarten.

▬▬▬ ▬▬▬▬ ▬▬ ▬▬▬▬▬ ▬▬▬ ▬▬▬▬ ▬▬▬ ▬▬▬▬▬ ▬▬ ▬▬▬▬ ▬▬▬▬▬ ▬▬▬ ▬▬▬▬ ▬▬ ▬▬▬▬▬ ▬▬▬ ▬▬▬▬ ▬▬▬▬▬ ▬▬ ▬▬▬▬ ▬▬▬ ▬▬▬▬▬ ▬▬▬ ▬▬▬▬ ▬▬ ▬▬▬▬▬ ▬▬▬ ▬▬▬▬ ▬▬▬ ▬▬▬▬▬ ▬▬ ▬▬▬▬ ▬▬▬▬▬ ▬▬▬ ▬▬▬▬ ▬▬ ▬▬▬▬▬ ▬▬▬ ▬▬▬▬ ▬▬▬▬▬ ▬▬ ▬▬▬▬ ▬▬▬ ▬▬▬▬▬ ▬▬▬ ▬▬▬▬ ▬▬ ▬▬▬▬▬ ▬▬▬ ▬▬▬▬ ▬▬▬ ▬▬▬▬▬ ▬▬ ▬▬▬▬ ▬▬▬▬▬ ▬▬▬ ▬▬▬▬ ▬▬ ▬▬▬▬▬ ▬▬▬ ▬▬▬▬ ▬▬▬▬▬ ▬▬ ▬▬▬▬ ▬▬▬ ▬▬▬▬▬ ▬▬▬ ▬▬▬▬ ▬▬ ▬▬▬▬▬ ▬▬▬ ▬▬▬▬ ▬▬▬ ▬▬▬▬▬ ▬▬ ▬▬▬▬ ▬▬▬▬▬ ▬▬▬ ▬▬▬▬ ▬▬ ▬▬▬▬▬ ▬▬▬ ▬▬▬▬ ▬▬▬▬▬ ▬▬ ▬▬▬▬ ▬▬▬ ▬▬▬▬▬ ▬▬▬ ▬▬▬▬ ▬▬ ▬▬▬▬▬ ▬▬▬ ▬▬▬▬ ▬▬▬ ▬▬▬▬▬ ▬▬ ▬▬▬▬ ▬▬▬▬▬ ▬▬▬ ▬▬▬▬ ▬▬ ▬▬▬▬▬ ▬▬▬ ▬▬▬▬ ▬▬▬▬▬ ▬▬ ▬▬▬▬ ▬▬▬ ▬▬▬▬▬ ▬▬▬ ▬▬▬▬ ▬▬ ▬▬▬▬▬ ▬▬▬ ▬▬▬▬ ▬▬▬ ▬▬▬▬▬ ▬▬ ▬▬▬▬ ▬▬▬▬▬ ▬▬▬ ▬▬▬▬ ▬▬ ▬▬▬▬▬ ▬▬▬ ▬▬▬▬ ▬▬▬▬▬ ▬▬ ▬▬▬▬ ▬▬▬ ▬▬▬▬▬

Tagesanzeiger.
Samstag, 17. März.
▬▬▬ ▬▬▬▬ ▬▬ ▬▬▬▬▬ ▬▬▬ ▬▬▬▬ ▬▬▬ ▬▬▬▬▬ ▬▬ ▬▬▬▬ ▬▬▬▬▬ ▬▬▬ ▬▬▬▬ ▬▬ ▬▬▬▬▬ ▬▬▬ ▬▬▬▬ ▬▬▬▬▬ ▬▬ ▬▬▬▬ ▬▬▬ ▬▬▬▬▬ ▬▬▬ ▬▬▬▬ ▬▬ ▬▬▬▬▬ ▬▬▬ ▬▬▬▬ ▬▬▬ ▬▬▬▬▬ ▬▬ ▬▬▬▬ ▬▬▬▬▬ ▬▬▬ ▬▬▬▬ ▬▬ ▬▬▬▬▬ ▬▬▬ ▬▬▬▬ ▬▬▬▬▬ ▬▬ ▬▬▬▬ ▬▬▬ ▬▬▬▬▬ ▬▬▬ ▬▬▬▬ ▬▬ ▬▬▬▬▬ ▬▬▬ ▬▬▬▬ ▬▬▬ ▬▬▬▬▬ ▬▬ ▬▬▬▬ ▬▬▬▬▬ ▬▬▬ ▬▬▬▬ ▬▬ ▬▬▬▬▬ ▬▬▬ ▬▬▬▬ ▬▬▬▬▬ ▬▬ ▬▬▬▬ ▬▬▬ ▬▬▬▬▬
▬▬▬ ▬▬▬▬ ▬▬ ▬▬▬▬▬ ▬▬▬ ▬▬▬▬ ▬▬▬ ▬▬▬▬▬ ▬▬ ▬▬▬▬ ▬▬▬▬▬ ▬▬▬ ▬▬▬▬ ▬▬ ▬▬▬▬▬ ▬▬▬ ▬▬▬▬ ▬▬▬▬▬ ▬▬ ▬▬▬▬ ▬▬▬ ▬▬▬▬▬ ▬▬▬ ▬▬▬▬ ▬▬ ▬▬▬▬▬ ▬▬▬ ▬▬▬▬ ▬▬▬ ▬▬▬▬▬ ▬▬ ▬▬▬▬ ▬▬▬▬▬ ▬▬▬ ▬▬▬▬ ▬▬ ▬▬▬▬▬ ▬▬▬ ▬▬▬▬ ▬▬▬▬▬ ▬▬ ▬▬▬▬ ▬▬▬ ▬▬▬▬▬ ▬▬▬ ▬▬▬▬ ▬▬ ▬▬▬▬▬ ▬▬▬ ▬▬▬▬ ▬▬▬ ▬▬▬▬▬ ▬▬ ▬▬▬▬ ▬▬▬▬▬ ▬▬▬ ▬▬▬▬ ▬▬ ▬▬▬▬▬ ▬▬▬ ▬▬▬▬ ▬▬▬▬▬ ▬▬ ▬▬▬▬ ▬▬▬ ▬▬▬▬▬
Sport.

▬▬▬ ▬▬▬▬ ▬▬ ▬▬▬▬▬ ▬▬▬ ▬▬▬▬ ▬▬▬ ▬▬▬▬▬ ▬▬ ▬▬▬▬ ▬▬▬▬▬ ▬▬▬ ▬▬▬▬ ▬▬ ▬▬▬▬▬ ▬▬▬ ▬▬▬▬ ▬▬▬▬▬ ▬▬ ▬▬▬▬ ▬▬▬ ▬▬▬▬▬ ▬▬▬ ▬▬▬▬ ▬▬ ▬▬▬▬▬ ▬▬▬ ▬▬▬▬ ▬▬▬ ▬▬▬▬▬ ▬▬ ▬▬▬▬ ▬▬▬▬▬ ▬▬▬ ▬▬▬▬ ▬▬ ▬▬▬▬▬ ▬▬▬ ▬▬▬▬ ▬▬▬▬▬ ▬▬ ▬▬▬▬ ▬▬▬ ▬▬▬▬▬ ▬▬▬ ▬▬▬▬ ▬▬ ▬▬▬▬▬ ▬▬▬ ▬▬▬▬ ▬▬▬ ▬▬▬▬▬ ▬▬ ▬▬▬▬ ▬▬▬▬▬ ▬▬▬ ▬▬▬▬ ▬▬ ▬▬▬▬▬ ▬▬▬ ▬▬▬▬ ▬▬▬▬▬ ▬▬ ▬▬▬▬ ▬▬▬ ▬▬▬▬▬ ▬▬▬ ▬▬▬▬ ▬▬ ▬▬▬▬▬ ▬▬▬ ▬▬▬▬ ▬▬▬ ▬▬▬▬▬ ▬▬ ▬▬▬▬ ▬▬▬▬▬ ▬▬▬ ▬▬▬▬ ▬▬ ▬▬▬▬▬ ▬▬▬ ▬▬▬▬ ▬▬▬▬▬ ▬▬ ▬▬▬▬ ▬▬▬ ▬▬▬▬▬ ▬▬▬ ▬▬▬▬ ▬▬ ▬▬▬▬▬ ▬▬▬ ▬▬▬▬ ▬▬▬ ▬▬▬▬▬ ▬▬ ▬▬▬▬ ▬▬▬▬▬ ▬▬▬ ▬▬▬▬ ▬▬ ▬▬▬▬▬ ▬▬▬ ▬▬▬▬ ▬▬▬▬▬ ▬▬ ▬▬▬▬ ▬▬▬ ▬▬▬▬▬ ▬▬▬ ▬▬▬▬ ▬▬ ▬▬▬▬▬ ▬▬▬ ▬▬▬▬ ▬▬▬ ▬▬▬▬▬ ▬▬ ▬▬▬▬ ▬▬▬▬▬ ▬▬▬ ▬▬▬▬ ▬▬ ▬▬▬▬▬ ▬▬▬ ▬▬▬▬ ▬▬▬▬▬ ▬▬ ▬▬▬▬ ▬▬▬ ▬▬▬▬▬ ▬▬▬ ▬▬▬▬ ▬▬ ▬▬▬▬▬ ▬▬▬ ▬▬▬▬ ▬▬▬ ▬▬▬▬▬ ▬▬ ▬▬▬▬ ▬▬▬▬▬ ▬▬▬ ▬▬▬▬ ▬▬ ▬▬▬▬▬ ▬▬▬ ▬▬▬▬ ▬▬▬▬▬ ▬▬ ▬▬▬▬ ▬▬▬ ▬▬▬▬▬
